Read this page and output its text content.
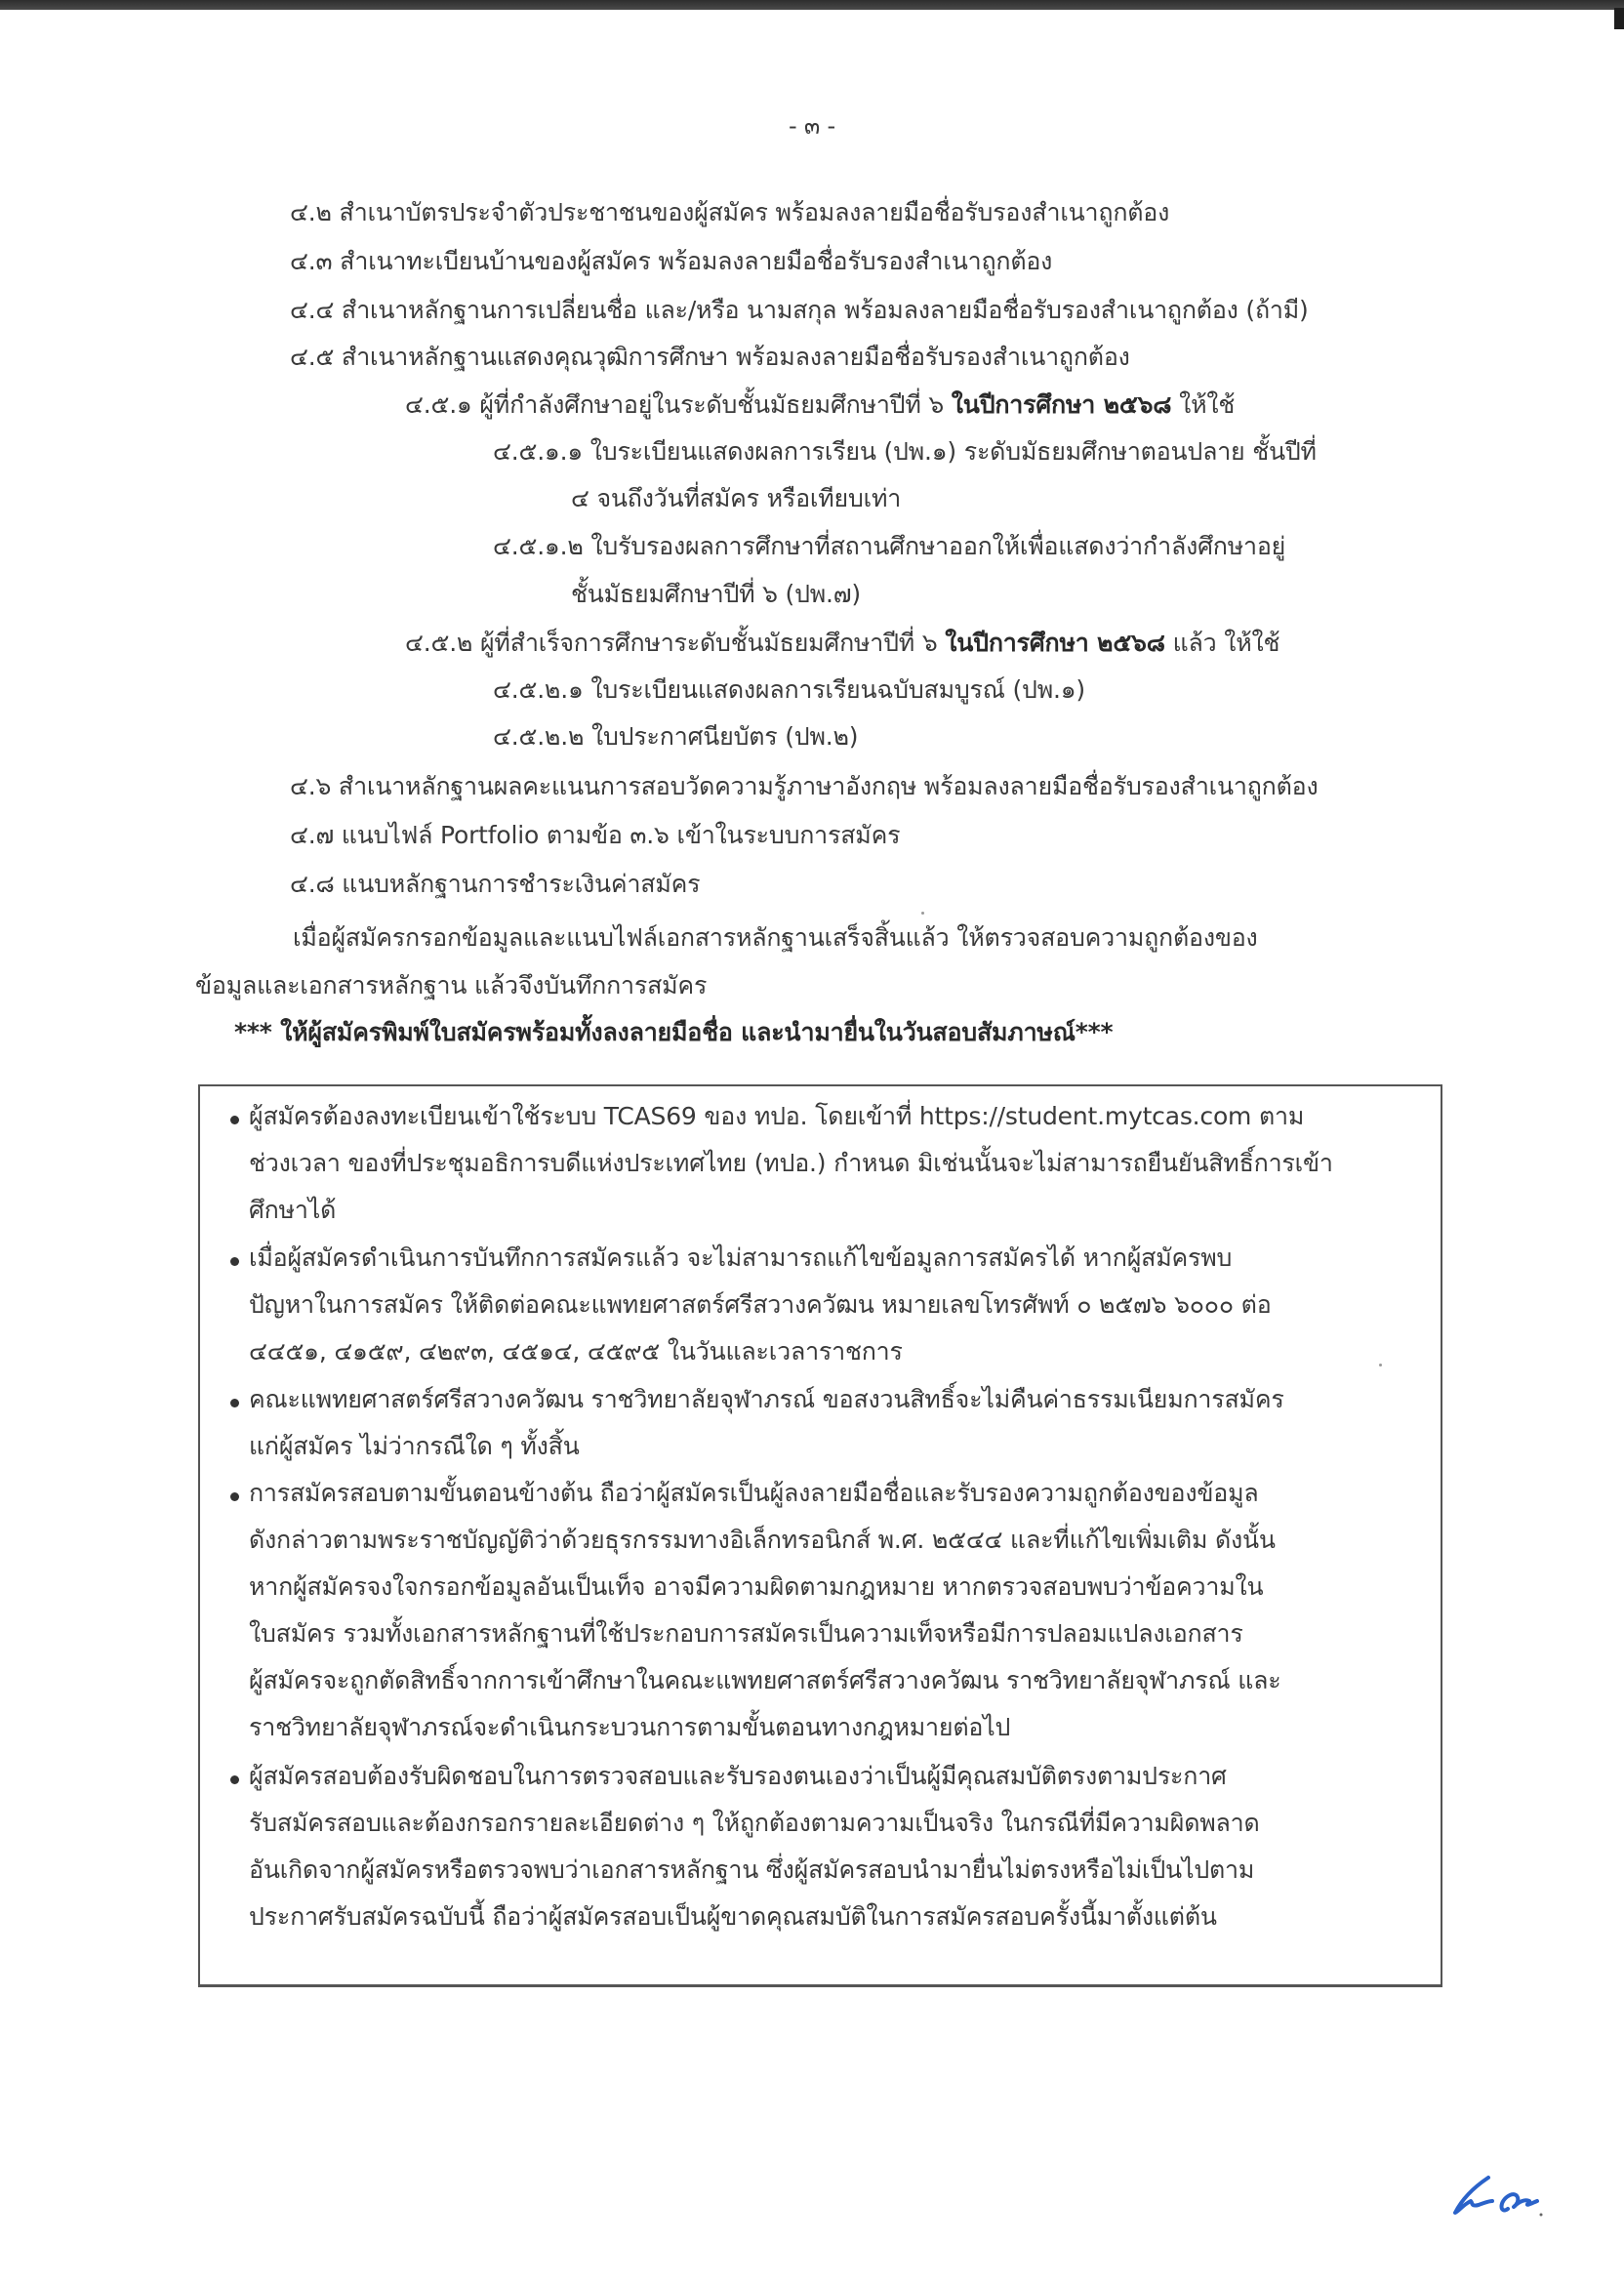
- ๓ -
๔.๒ สำเนาบัตรประจำตัวประชาชนของผู้สมัคร พร้อมลงลายมือชื่อรับรองสำเนาถูกต้อง
๔.๓ สำเนาทะเบียนบ้านของผู้สมัคร พร้อมลงลายมือชื่อรับรองสำเนาถูกต้อง
๔.๔ สำเนาหลักฐานการเปลี่ยนชื่อ และ/หรือ นามสกุล พร้อมลงลายมือชื่อรับรองสำเนาถูกต้อง (ถ้ามี)
๔.๕ สำเนาหลักฐานแสดงคุณวุฒิการศึกษา พร้อมลงลายมือชื่อรับรองสำเนาถูกต้อง
๔.๕.๑ ผู้ที่กำลังศึกษาอยู่ในระดับชั้นมัธยมศึกษาปีที่ ๖ ในปีการศึกษา ๒๕๖๘ ให้ใช้
๔.๕.๑.๑ ใบระเบียนแสดงผลการเรียน (ปพ.๑) ระดับมัธยมศึกษาตอนปลาย ชั้นปีที่
๔ จนถึงวันที่สมัคร หรือเทียบเท่า
๔.๕.๑.๒ ใบรับรองผลการศึกษาที่สถานศึกษาออกให้เพื่อแสดงว่ากำลังศึกษาอยู่
ชั้นมัธยมศึกษาปีที่ ๖ (ปพ.๗)
๔.๕.๒ ผู้ที่สำเร็จการศึกษาระดับชั้นมัธยมศึกษาปีที่ ๖ ในปีการศึกษา ๒๕๖๘ แล้ว ให้ใช้
๔.๕.๒.๑ ใบระเบียนแสดงผลการเรียนฉบับสมบูรณ์ (ปพ.๑)
๔.๕.๒.๒ ใบประกาศนียบัตร (ปพ.๒)
๔.๖ สำเนาหลักฐานผลคะแนนการสอบวัดความรู้ภาษาอังกฤษ พร้อมลงลายมือชื่อรับรองสำเนาถูกต้อง
๔.๗ แนบไฟล์ Portfolio ตามข้อ ๓.๖ เข้าในระบบการสมัคร
๔.๘ แนบหลักฐานการชำระเงินค่าสมัคร
เมื่อผู้สมัครกรอกข้อมูลและแนบไฟล์เอกสารหลักฐานเสร็จสิ้นแล้ว ให้ตรวจสอบความถูกต้องของ
ข้อมูลและเอกสารหลักฐาน แล้วจึงบันทึกการสมัคร
*** ให้ผู้สมัครพิมพ์ใบสมัครพร้อมทั้งลงลายมือชื่อ และนำมายื่นในวันสอบสัมภาษณ์***
ผู้สมัครต้องลงทะเบียนเข้าใช้ระบบ TCAS69 ของ ทปอ. โดยเข้าที่ https://student.mytcas.com ตาม
ช่วงเวลา ของที่ประชุมอธิการบดีแห่งประเทศไทย (ทปอ.) กำหนด มิเช่นนั้นจะไม่สามารถยืนยันสิทธิ์การเข้า
ศึกษาได้
เมื่อผู้สมัครดำเนินการบันทึกการสมัครแล้ว จะไม่สามารถแก้ไขข้อมูลการสมัครได้ หากผู้สมัครพบ
ปัญหาในการสมัคร ให้ติดต่อคณะแพทยศาสตร์ศรีสวางควัฒน หมายเลขโทรศัพท์ ๐ ๒๕๗๖ ๖๐๐๐ ต่อ
๔๔๕๑, ๔๑๕๙, ๔๒๙๓, ๔๕๑๔, ๔๕๙๕ ในวันและเวลาราชการ
คณะแพทยศาสตร์ศรีสวางควัฒน ราชวิทยาลัยจุฬาภรณ์ ขอสงวนสิทธิ์จะไม่คืนค่าธรรมเนียมการสมัคร
แก่ผู้สมัคร ไม่ว่ากรณีใด ๆ ทั้งสิ้น
การสมัครสอบตามขั้นตอนข้างต้น ถือว่าผู้สมัครเป็นผู้ลงลายมือชื่อและรับรองความถูกต้องของข้อมูล
ดังกล่าวตามพระราชบัญญัติว่าด้วยธุรกรรมทางอิเล็กทรอนิกส์ พ.ศ. ๒๕๔๔ และที่แก้ไขเพิ่มเติม ดังนั้น
หากผู้สมัครจงใจกรอกข้อมูลอันเป็นเท็จ อาจมีความผิดตามกฎหมาย หากตรวจสอบพบว่าข้อความใน
ใบสมัคร รวมทั้งเอกสารหลักฐานที่ใช้ประกอบการสมัครเป็นความเท็จหรือมีการปลอมแปลงเอกสาร
ผู้สมัครจะถูกตัดสิทธิ์จากการเข้าศึกษาในคณะแพทยศาสตร์ศรีสวางควัฒน ราชวิทยาลัยจุฬาภรณ์ และ
ราชวิทยาลัยจุฬาภรณ์จะดำเนินกระบวนการตามขั้นตอนทางกฎหมายต่อไป
ผู้สมัครสอบต้องรับผิดชอบในการตรวจสอบและรับรองตนเองว่าเป็นผู้มีคุณสมบัติตรงตามประกาศ
รับสมัครสอบและต้องกรอกรายละเอียดต่าง ๆ ให้ถูกต้องตามความเป็นจริง ในกรณีที่มีความผิดพลาด
อันเกิดจากผู้สมัครหรือตรวจพบว่าเอกสารหลักฐาน ซึ่งผู้สมัครสอบนำมายื่นไม่ตรงหรือไม่เป็นไปตาม
ประกาศรับสมัครฉบับนี้ ถือว่าผู้สมัครสอบเป็นผู้ขาดคุณสมบัติในการสมัครสอบครั้งนี้มาตั้งแต่ต้น
